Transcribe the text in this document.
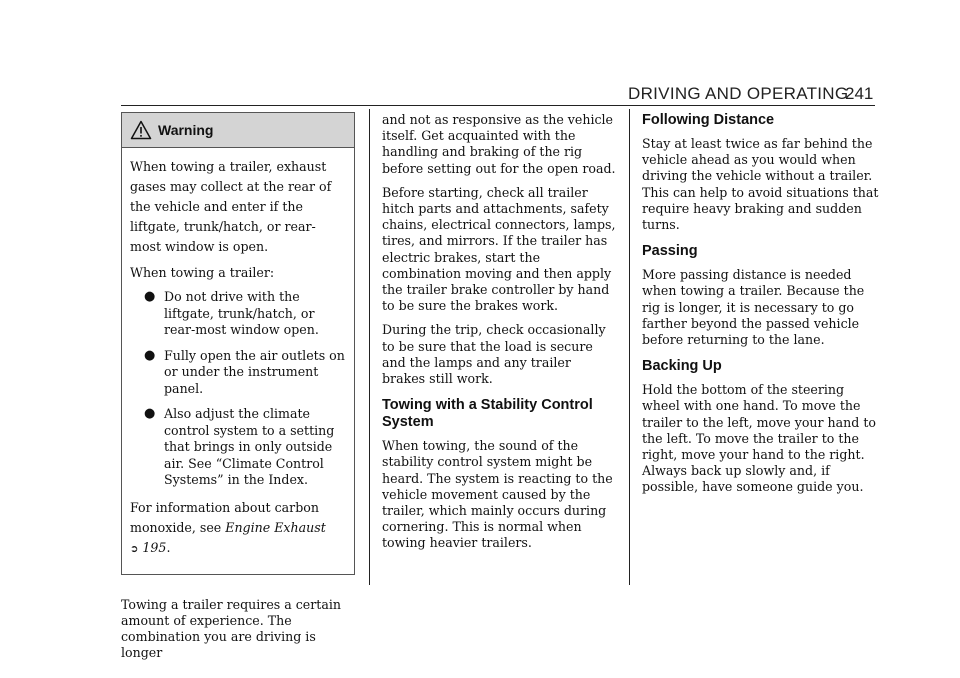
DRIVING AND OPERATING
241
Warning

When towing a trailer, exhaust gases may collect at the rear of the vehicle and enter if the liftgate, trunk/hatch, or rear-most window is open.

When towing a trailer:

● Do not drive with the liftgate, trunk/hatch, or rear-most window open.
● Fully open the air outlets on or under the instrument panel.
● Also adjust the climate control system to a setting that brings in only outside air. See “Climate Control Systems” in the Index.

For information about carbon monoxide, see Engine Exhaust
➲ 195.

Towing a trailer requires a certain amount of experience. The combination you are driving is longer

and not as responsive as the vehicle itself. Get acquainted with the handling and braking of the rig before setting out for the open road.

Before starting, check all trailer hitch parts and attachments, safety chains, electrical connectors, lamps, tires, and mirrors. If the trailer has electric brakes, start the combination moving and then apply the trailer brake controller by hand to be sure the brakes work.

During the trip, check occasionally to be sure that the load is secure and the lamps and any trailer brakes still work.

Towing with a Stability Control System

When towing, the sound of the stability control system might be heard. The system is reacting to the vehicle movement caused by the trailer, which mainly occurs during cornering. This is normal when towing heavier trailers.

Following Distance

Stay at least twice as far behind the vehicle ahead as you would when driving the vehicle without a trailer. This can help to avoid situations that require heavy braking and sudden turns.

Passing

More passing distance is needed when towing a trailer. Because the rig is longer, it is necessary to go farther beyond the passed vehicle before returning to the lane.

Backing Up

Hold the bottom of the steering wheel with one hand. To move the trailer to the left, move your hand to the left. To move the trailer to the right, move your hand to the right. Always back up slowly and, if possible, have someone guide you.
